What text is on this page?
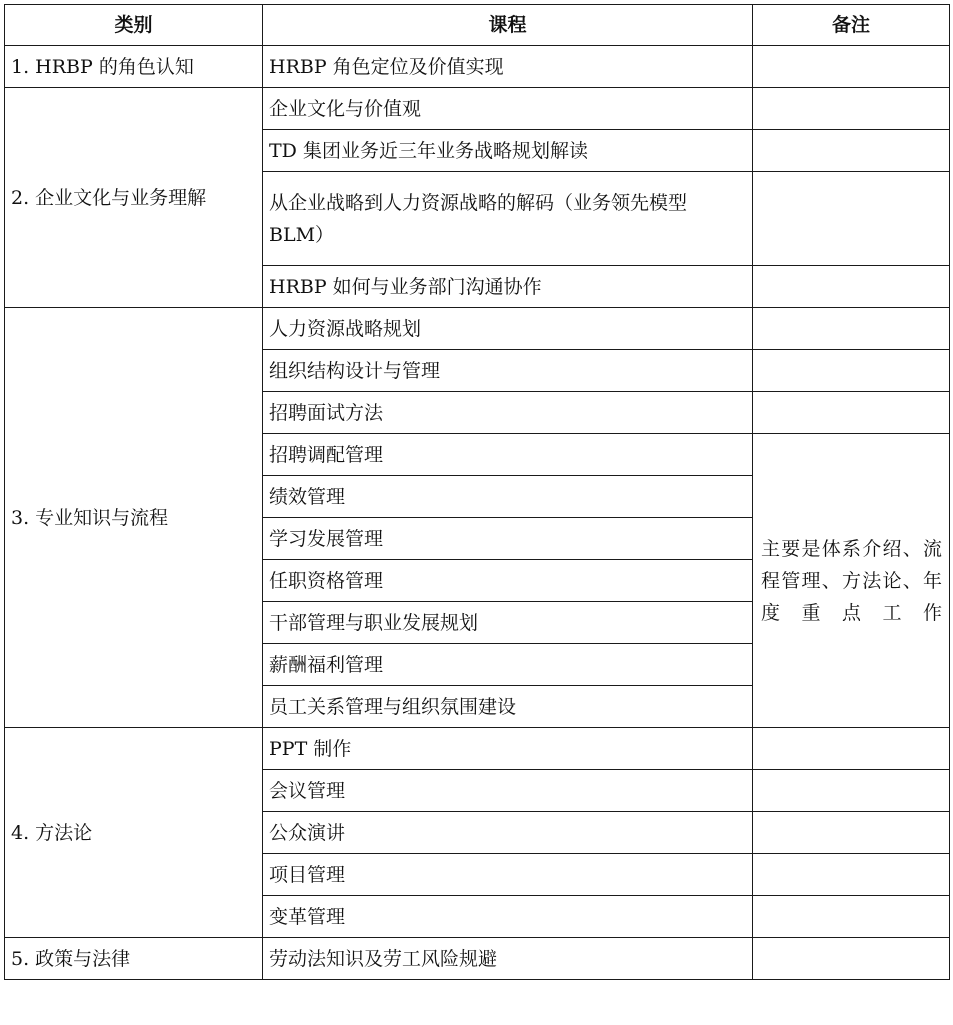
类别	课程	备注
1. HRBP 的角色认知	HRBP 角色定位及价值实现	
2. 企业文化与业务理解	企业文化与价值观	
	TD 集团业务近三年业务战略规划解读	
	从企业战略到人力资源战略的解码（业务领先模型 BLM）	
	HRBP 如何与业务部门沟通协作	
3. 专业知识与流程	人力资源战略规划	
	组织结构设计与管理	
	招聘面试方法	
	招聘调配管理	主要是体系介绍、流程管理、方法论、年度重点工作
	绩效管理	
	学习发展管理	
	任职资格管理	
	干部管理与职业发展规划	
	薪酬福利管理	
	员工关系管理与组织氛围建设	
4. 方法论	PPT 制作	
	会议管理	
	公众演讲	
	项目管理	
	变革管理	
5. 政策与法律	劳动法知识及劳工风险规避	
